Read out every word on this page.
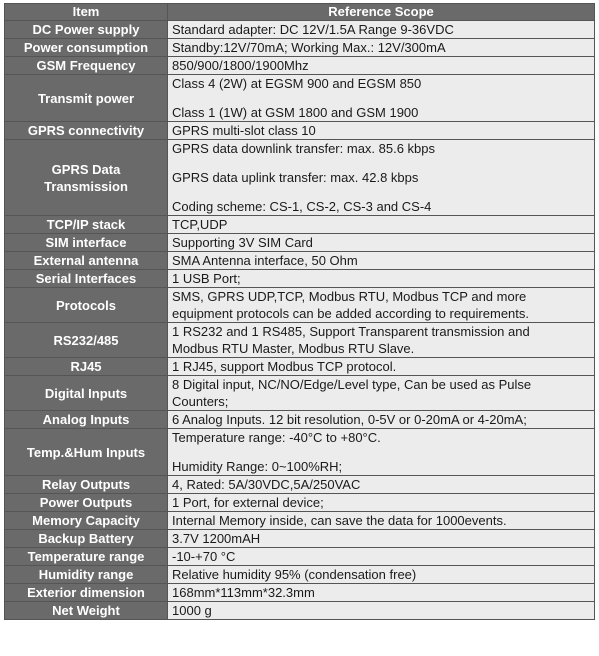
Item	Reference Scope
DC Power supply	Standard adapter: DC 12V/1.5A Range 9-36VDC

Power consumption	Standby:12V/70mA; Working Max.: 12V/300mA

GSM Frequency	850/900/1800/1900Mhz

Transmit power	Class 4 (2W) at EGSM 900 and EGSM 850
Class 1 (1W) at GSM 1800 and GSM 1900

GPRS connectivity	GPRS multi-slot class 10

GPRS Data Transmission	GPRS data downlink transfer: max. 85.6 kbps
GPRS data uplink transfer: max. 42.8 kbps
Coding scheme: CS-1, CS-2, CS-3 and CS-4

TCP/IP stack	TCP,UDP

SIM interface	Supporting 3V SIM Card

External antenna	SMA Antenna interface, 50 Ohm

Serial Interfaces	1 USB Port;

Protocols	SMS, GPRS UDP,TCP, Modbus RTU, Modbus TCP and more
equipment protocols can be added according to requirements.

RS232/485	1 RS232 and 1 RS485, Support Transparent transmission and
Modbus RTU Master, Modbus RTU Slave.

RJ45	1 RJ45, support Modbus TCP protocol.

Digital Inputs	8 Digital input, NC/NO/Edge/Level type, Can be used as Pulse
Counters;

Analog Inputs	6 Analog Inputs. 12 bit resolution, 0-5V or 0-20mA or 4-20mA;

Temp.&Hum Inputs	Temperature range: -40°C to +80°C.
Humidity Range: 0~100%RH;

Relay Outputs	4, Rated: 5A/30VDC,5A/250VAC

Power Outputs	1 Port, for external device;

Memory Capacity	Internal Memory inside, can save the data for 1000events.

Backup Battery	3.7V 1200mAH

Temperature range	-10-+70 °C

Humidity range	Relative humidity 95% (condensation free)

Exterior dimension	168mm*113mm*32.3mm

Net Weight	1000 g
